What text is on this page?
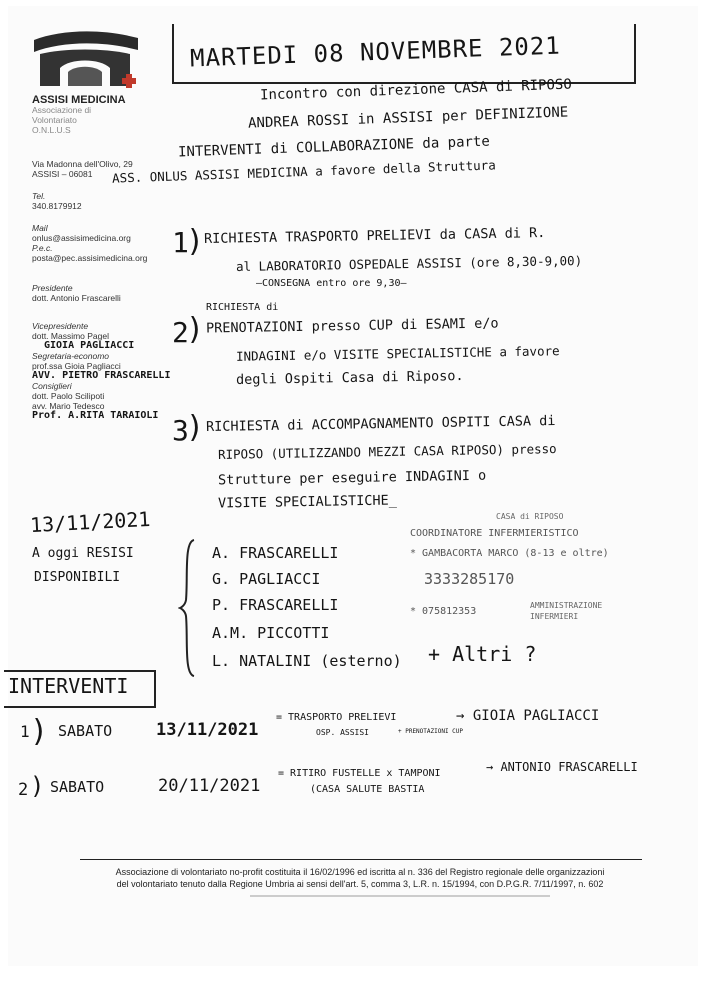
ASSISI MEDICINA
Associazione di
Volontariato
O.N.L.U.S
Via Madonna dell'Olivo, 29
ASSISI – 06081
Tel.
340.8179912
Mail
onlus@assisimedicina.org
P.e.c.
posta@pec.assisimedicina.org
Presidente
dott. Antonio Frascarelli
Vicepresidente
dott. Massimo Pagel
GIOIA PAGLIACCI
Segretaria-economo
prof.ssa Gioia Pagliacci
AVV. PIETRO FRASCARELLI
Consiglieri
dott. Paolo Scilipoti
avv. Mario Tedesco
Prof. A.RITA TARAIOLI
MARTEDI 08 NOVEMBRE 2021
Incontro con direzione CASA di RIPOSO
ANDREA ROSSI in ASSISI per DEFINIZIONE
INTERVENTI di COLLABORAZIONE da parte
ASS. ONLUS ASSISI MEDICINA a favore della Struttura
1
) RICHIESTA TRASPORTO PRELIEVI da CASA di R.
al LABORATORIO OSPEDALE ASSISI (ore 8,30-9,00)
–CONSEGNA entro ore 9,30–
RICHIESTA di
2
) PRENOTAZIONI presso CUP di ESAMI e/o
INDAGINI e/o VISITE SPECIALISTICHE a favore
degli Ospiti Casa di Riposo.
3
) RICHIESTA di ACCOMPAGNAMENTO OSPITI CASA di
RIPOSO (UTILIZZANDO MEZZI CASA RIPOSO) presso
Strutture per eseguire INDAGINI o
VISITE SPECIALISTICHE_
13/11/2021
A oggi RESISI
DISPONIBILI
A. FRASCARELLI
G. PAGLIACCI
P. FRASCARELLI
A.M. PICCOTTI
L. NATALINI (esterno) + Altri ?
CASA di RIPOSO
COORDINATORE INFERMIERISTICO
* GAMBACORTA MARCO (8-13 e oltre)
3333285170
* 075812353
AMMINISTRAZIONE
INFERMIERI
INTERVENTI
1 ) SABATO	13/11/2021
= TRASPORTO PRELIEVI
OSP. ASSISI	+ PRENOTAZIONI CUP
→ GIOIA PAGLIACCI
2 ) SABATO	20/11/2021
= RITIRO FUSTELLE x TAMPONI
(CASA SALUTE BASTIA
→ ANTONIO FRASCARELLI
Associazione di volontariato no-profit costituita il 16/02/1996 ed iscritta al n. 336 del Registro regionale delle organizzazioni
del volontariato tenuto dalla Regione Umbria ai sensi dell'art. 5, comma 3, L.R. n. 15/1994, con D.P.G.R. 7/11/1997, n. 602
